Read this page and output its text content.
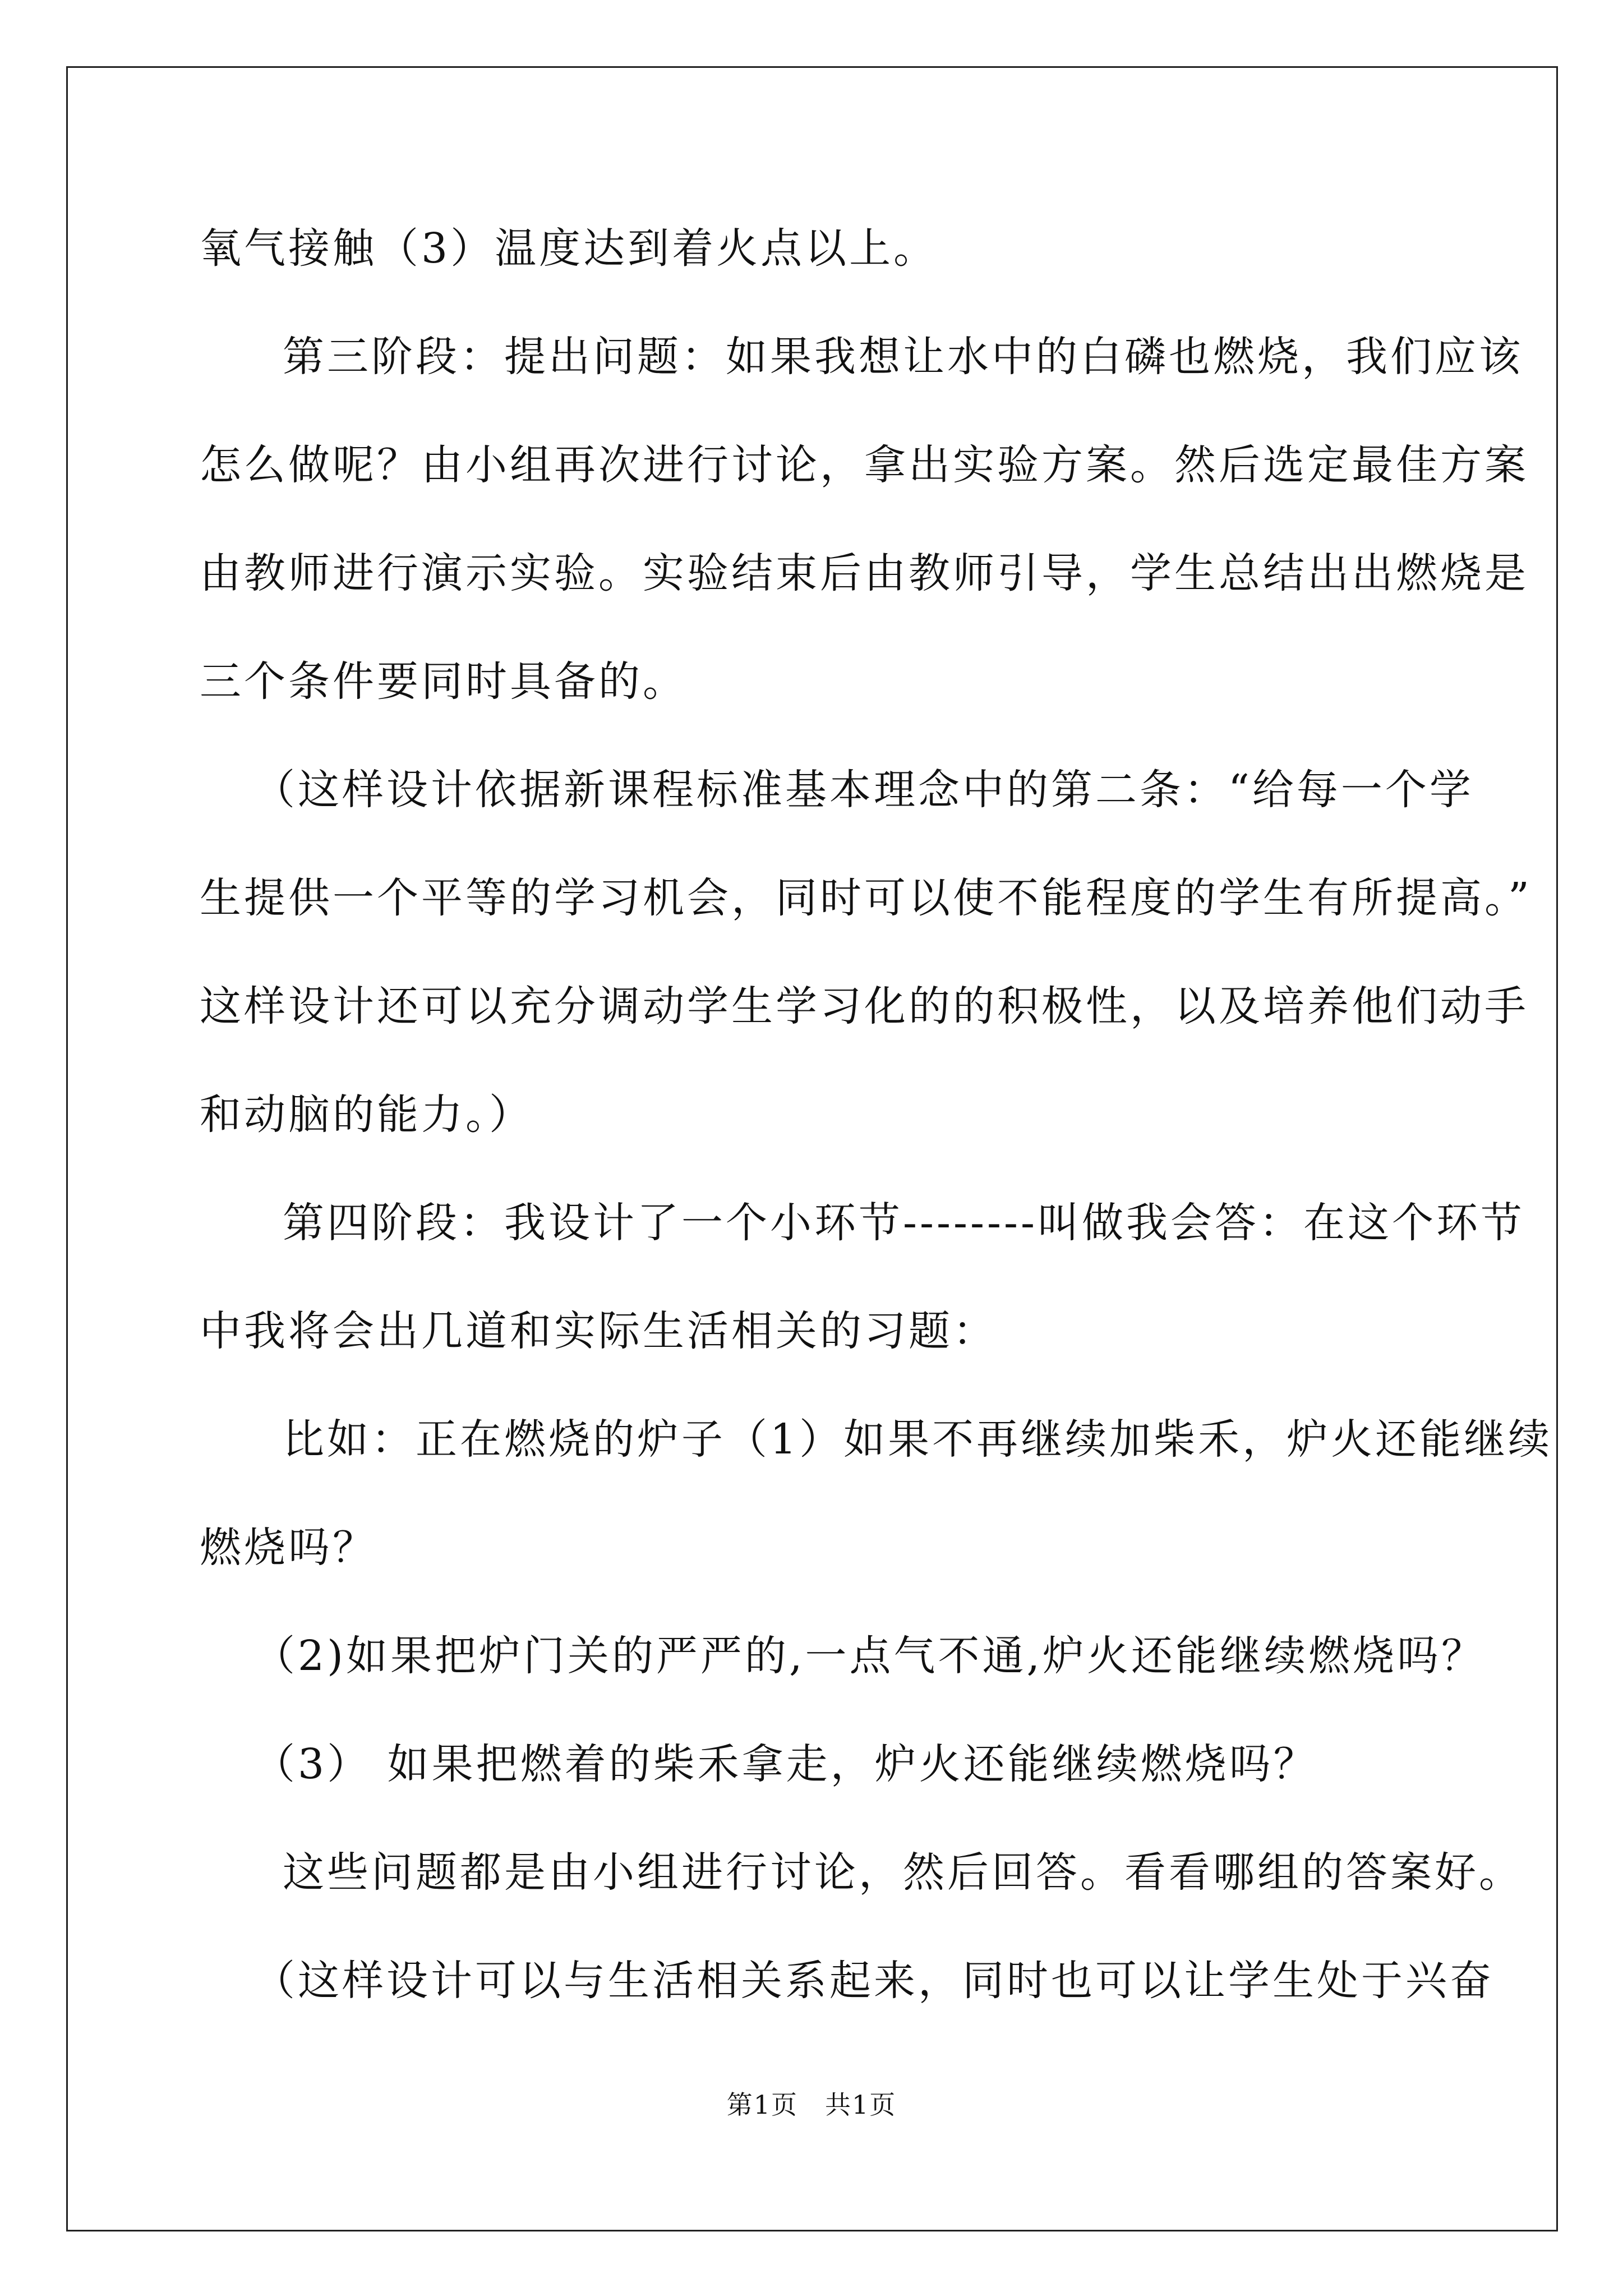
氧气接触（3）温度达到着火点以上。
第三阶段：提出问题：如果我想让水中的白磷也燃烧，我们应该
怎么做呢？由小组再次进行讨论，拿出实验方案。然后选定最佳方案
由教师进行演示实验。实验结束后由教师引导，学生总结出出燃烧是
三个条件要同时具备的。
（这样设计依据新课程标准基本理念中的第二条：“给每一个学
生提供一个平等的学习机会，同时可以使不能程度的学生有所提高。”
这样设计还可以充分调动学生学习化的的积极性，以及培养他们动手
和动脑的能力。）
第四阶段：我设计了一个小环节--------叫做我会答：在这个环节
中我将会出几道和实际生活相关的习题：
比如：正在燃烧的炉子（1）如果不再继续加柴禾，炉火还能继续
燃烧吗？
（2)如果把炉门关的严严的,一点气不通,炉火还能继续燃烧吗？
（3） 如果把燃着的柴禾拿走，炉火还能继续燃烧吗？
这些问题都是由小组进行讨论，然后回答。看看哪组的答案好。
（这样设计可以与生活相关系起来，同时也可以让学生处于兴奋
第1页　共1页
